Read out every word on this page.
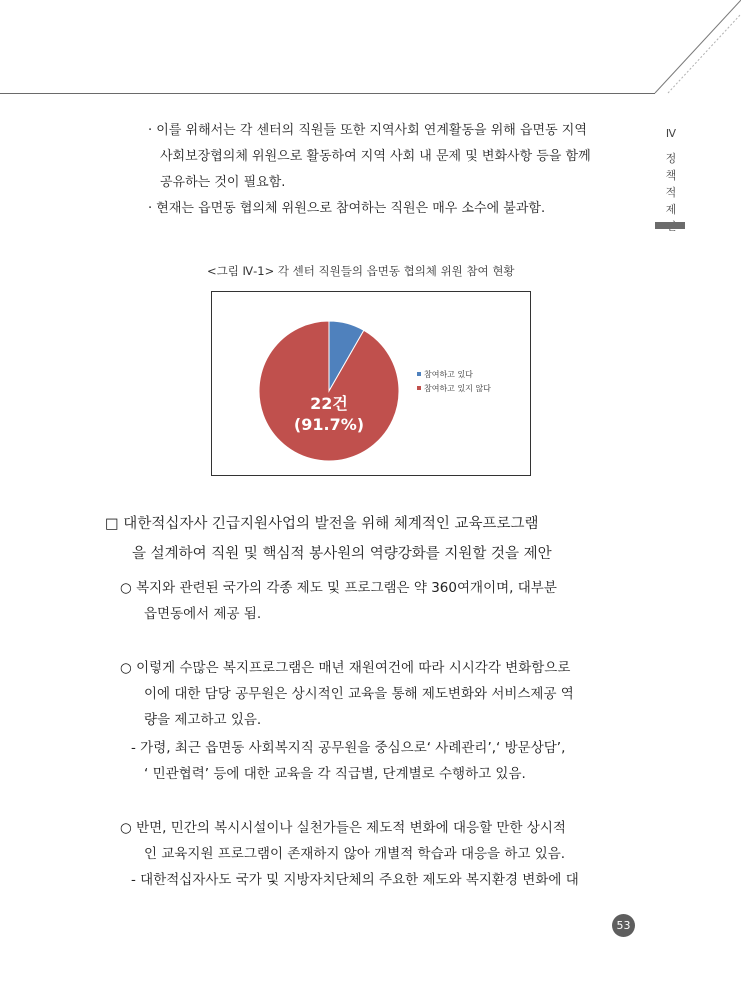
Ⅳ
정
책
적
제
· 이를 위해서는 각 센터의 직원들 또한 지역사회 연계활동을 위해 읍면동 지역
사회보장협의체 위원으로 활동하여 지역 사회 내 문제 및 변화사항 등을 함께
공유하는 것이 필요함.
· 현재는 읍면동 협의체 위원으로 참여하는 직원은 매우 소수에 불과함.
<그림 Ⅳ-1> 각 센터 직원들의 읍면동 협의체 위원 참여 현황
2건
(8.3%)
22건
(91.7%)
참여하고 있다
참여하고 있지 않다
□ 대한적십자사 긴급지원사업의 발전을 위해 체계적인 교육프로그램
을 설계하여 직원 및 핵심적 봉사원의 역량강화를 지원할 것을 제안
○ 복지와 관련된 국가의 각종 제도 및 프로그램은 약 360여개이며, 대부분
읍면동에서 제공 됨.
○ 이렇게 수많은 복지프로그램은 매년 재원여건에 따라 시시각각 변화함으로
이에 대한 담당 공무원은 상시적인 교육을 통해 제도변화와 서비스제공 역
량을 제고하고 있음.
- 가령, 최근 읍면동 사회복지직 공무원을 중심으로‘ 사례관리’,‘ 방문상담’,
‘ 민관협력’ 등에 대한 교육을 각 직급별, 단계별로 수행하고 있음.
○ 반면, 민간의 복시시설이나 실천가들은 제도적 변화에 대응할 만한 상시적
인 교육지원 프로그램이 존재하지 않아 개별적 학습과 대응을 하고 있음.
- 대한적십자사도 국가 및 지방자치단체의 주요한 제도와 복지환경 변화에 대
53
